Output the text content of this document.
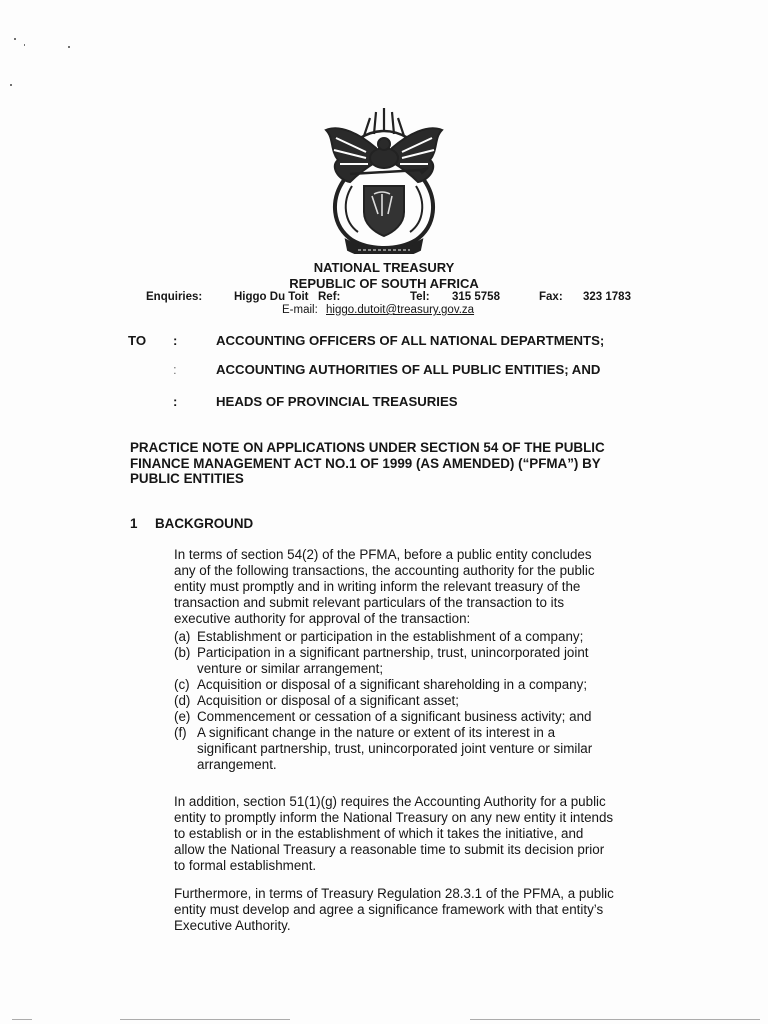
NATIONAL TREASURY
REPUBLIC OF SOUTH AFRICA
Enquiries:	Higgo Du Toit Ref:	Tel: 315 5758	Fax: 323 1783
E-mail: higgo.dutoit@treasury.gov.za
TO :	ACCOUNTING OFFICERS OF ALL NATIONAL DEPARTMENTS;
:	ACCOUNTING AUTHORITIES OF ALL PUBLIC ENTITIES; AND
:	HEADS OF PROVINCIAL TREASURIES
PRACTICE NOTE ON APPLICATIONS UNDER SECTION 54 OF THE PUBLIC
FINANCE MANAGEMENT ACT NO.1 OF 1999 (AS AMENDED) (“PFMA”) BY
PUBLIC ENTITIES
1 BACKGROUND
In terms of section 54(2) of the PFMA, before a public entity concludes
any of the following transactions, the accounting authority for the public
entity must promptly and in writing inform the relevant treasury of the
transaction and submit relevant particulars of the transaction to its
executive authority for approval of the transaction:
(a) Establishment or participation in the establishment of a company;
(b) Participation in a significant partnership, trust, unincorporated joint
venture or similar arrangement;
(c) Acquisition or disposal of a significant shareholding in a company;
(d) Acquisition or disposal of a significant asset;
(e) Commencement or cessation of a significant business activity; and
(f) A significant change in the nature or extent of its interest in a
significant partnership, trust, unincorporated joint venture or similar
arrangement.
In addition, section 51(1)(g) requires the Accounting Authority for a public
entity to promptly inform the National Treasury on any new entity it intends
to establish or in the establishment of which it takes the initiative, and
allow the National Treasury a reasonable time to submit its decision prior
to formal establishment.
Furthermore, in terms of Treasury Regulation 28.3.1 of the PFMA, a public
entity must develop and agree a significance framework with that entity’s
Executive Authority.
